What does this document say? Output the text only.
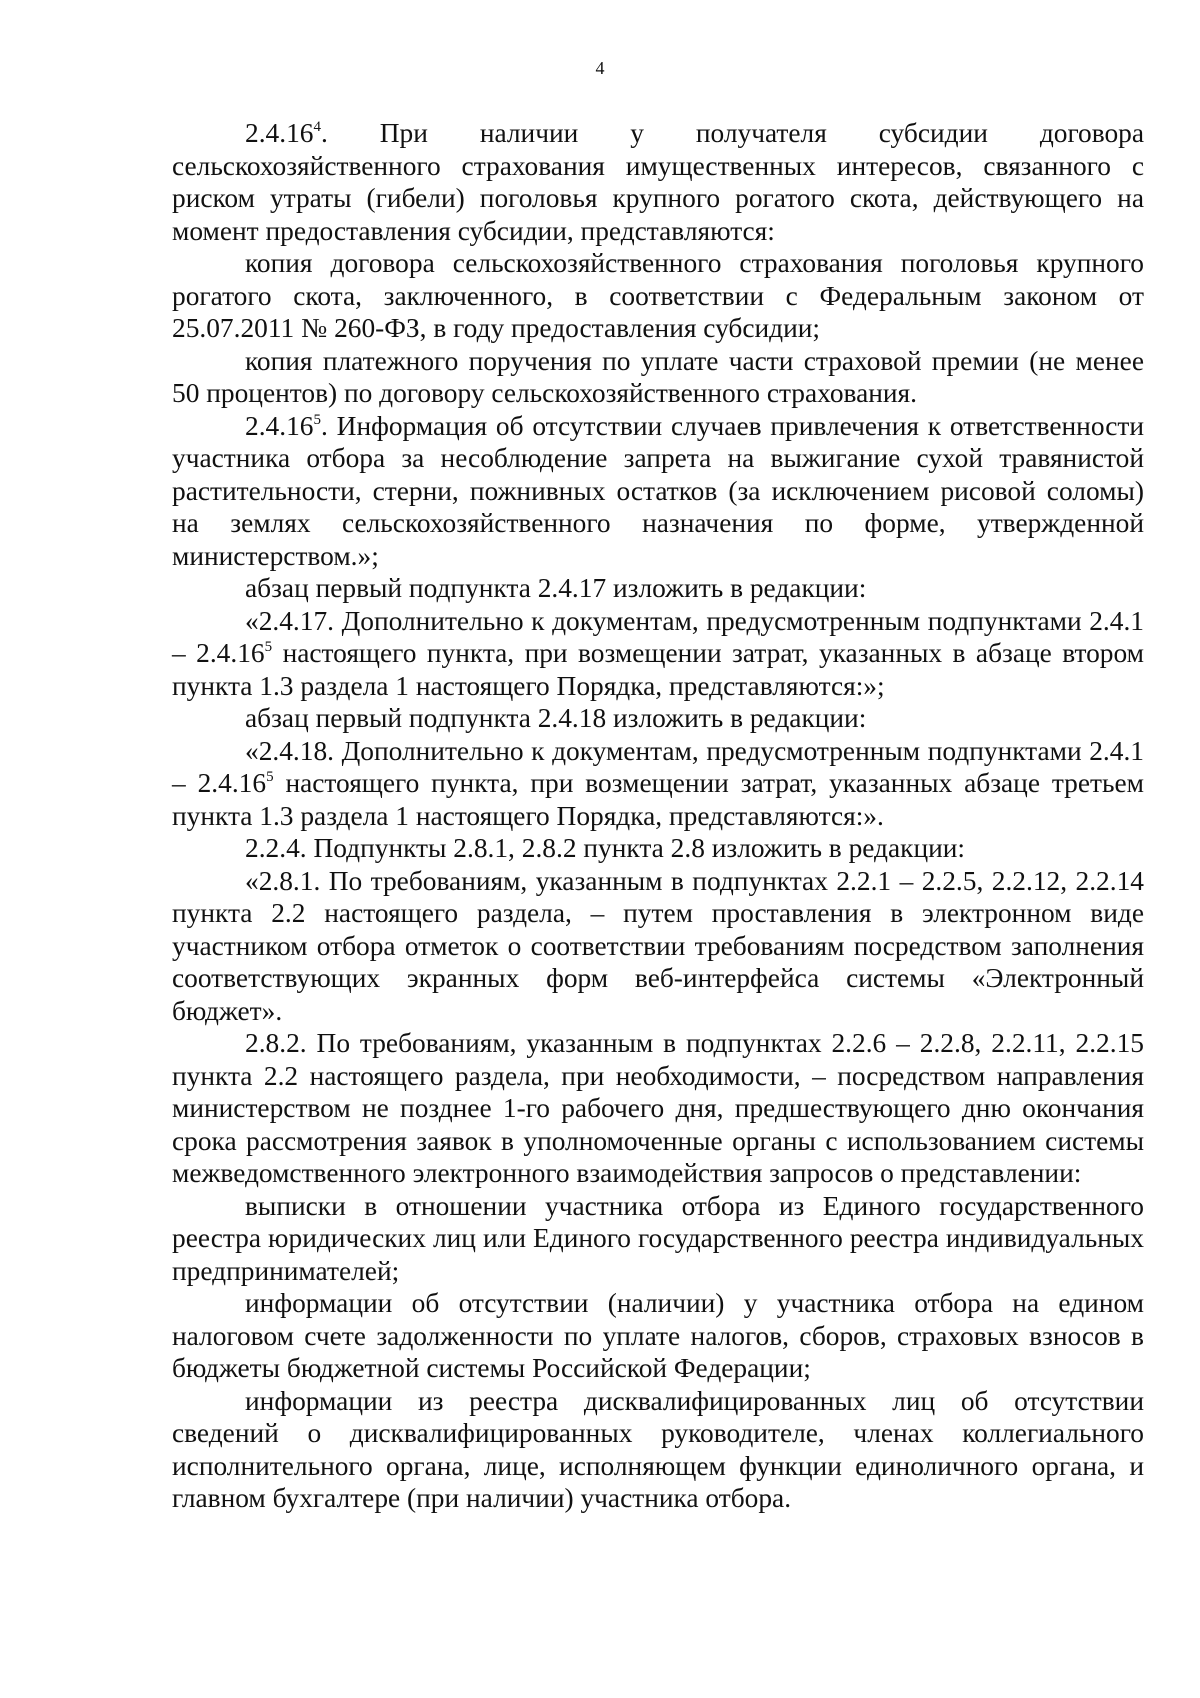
4

2.4.16$^4$. При наличии у получателя субсидии договора сельскохозяйственного страхования имущественных интересов, связанного с риском утраты (гибели) поголовья крупного рогатого скота, действующего на момент предоставления субсидии, представляются:

копия договора сельскохозяйственного страхования поголовья крупного рогатого скота, заключенного, в соответствии с Федеральным законом от 25.07.2011 № 260-ФЗ, в году предоставления субсидии;

копия платежного поручения по уплате части страховой премии (не менее 50 процентов) по договору сельскохозяйственного страхования.

2.4.16$^5$. Информация об отсутствии случаев привлечения к ответственности участника отбора за несоблюдение запрета на выжигание сухой травянистой растительности, стерни, пожнивных остатков (за исключением рисовой соломы) на землях сельскохозяйственного назначения по форме, утвержденной министерством.»;

абзац первый подпункта 2.4.17 изложить в редакции:

«2.4.17. Дополнительно к документам, предусмотренным подпунктами 2.4.1 – 2.4.16$^5$ настоящего пункта, при возмещении затрат, указанных в абзаце втором пункта 1.3 раздела 1 настоящего Порядка, представляются:»;

абзац первый подпункта 2.4.18 изложить в редакции:

«2.4.18. Дополнительно к документам, предусмотренным подпунктами 2.4.1 – 2.4.16$^5$ настоящего пункта, при возмещении затрат, указанных абзаце третьем пункта 1.3 раздела 1 настоящего Порядка, представляются:».

2.2.4. Подпункты 2.8.1, 2.8.2 пункта 2.8 изложить в редакции:

«2.8.1. По требованиям, указанным в подпунктах 2.2.1 – 2.2.5, 2.2.12, 2.2.14 пункта 2.2 настоящего раздела, – путем проставления в электронном виде участником отбора отметок о соответствии требованиям посредством заполнения соответствующих экранных форм веб-интерфейса системы «Электронный бюджет».

2.8.2. По требованиям, указанным в подпунктах 2.2.6 – 2.2.8, 2.2.11, 2.2.15 пункта 2.2 настоящего раздела, при необходимости, – посредством направления министерством не позднее 1-го рабочего дня, предшествующего дню окончания срока рассмотрения заявок в уполномоченные органы с использованием системы межведомственного электронного взаимодействия запросов о представлении:

выписки в отношении участника отбора из Единого государственного реестра юридических лиц или Единого государственного реестра индивидуальных предпринимателей;

информации об отсутствии (наличии) у участника отбора на едином налоговом счете задолженности по уплате налогов, сборов, страховых взносов в бюджеты бюджетной системы Российской Федерации;

информации из реестра дисквалифицированных лиц об отсутствии сведений о дисквалифицированных руководителе, членах коллегиального исполнительного органа, лице, исполняющем функции единоличного органа, и главном бухгалтере (при наличии) участника отбора.
